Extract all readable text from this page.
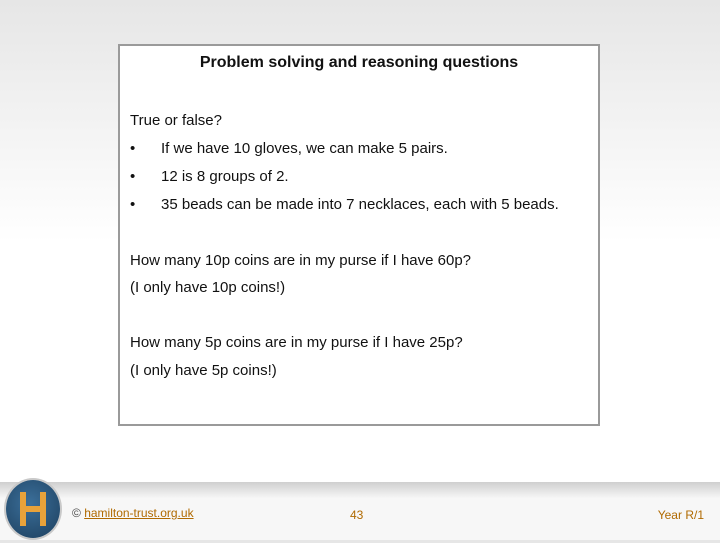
Problem solving and reasoning questions
True or false?
• If we have 10 gloves, we can make 5 pairs.
• 12 is 8 groups of 2.
• 35 beads can be made into 7 necklaces, each with 5 beads.
How many 10p coins are in my purse if I have 60p?
(I only have 10p coins!)
How many 5p coins are in my purse if I have 25p?
(I only have 5p coins!)
© hamilton-trust.org.uk	43	Year R/1
